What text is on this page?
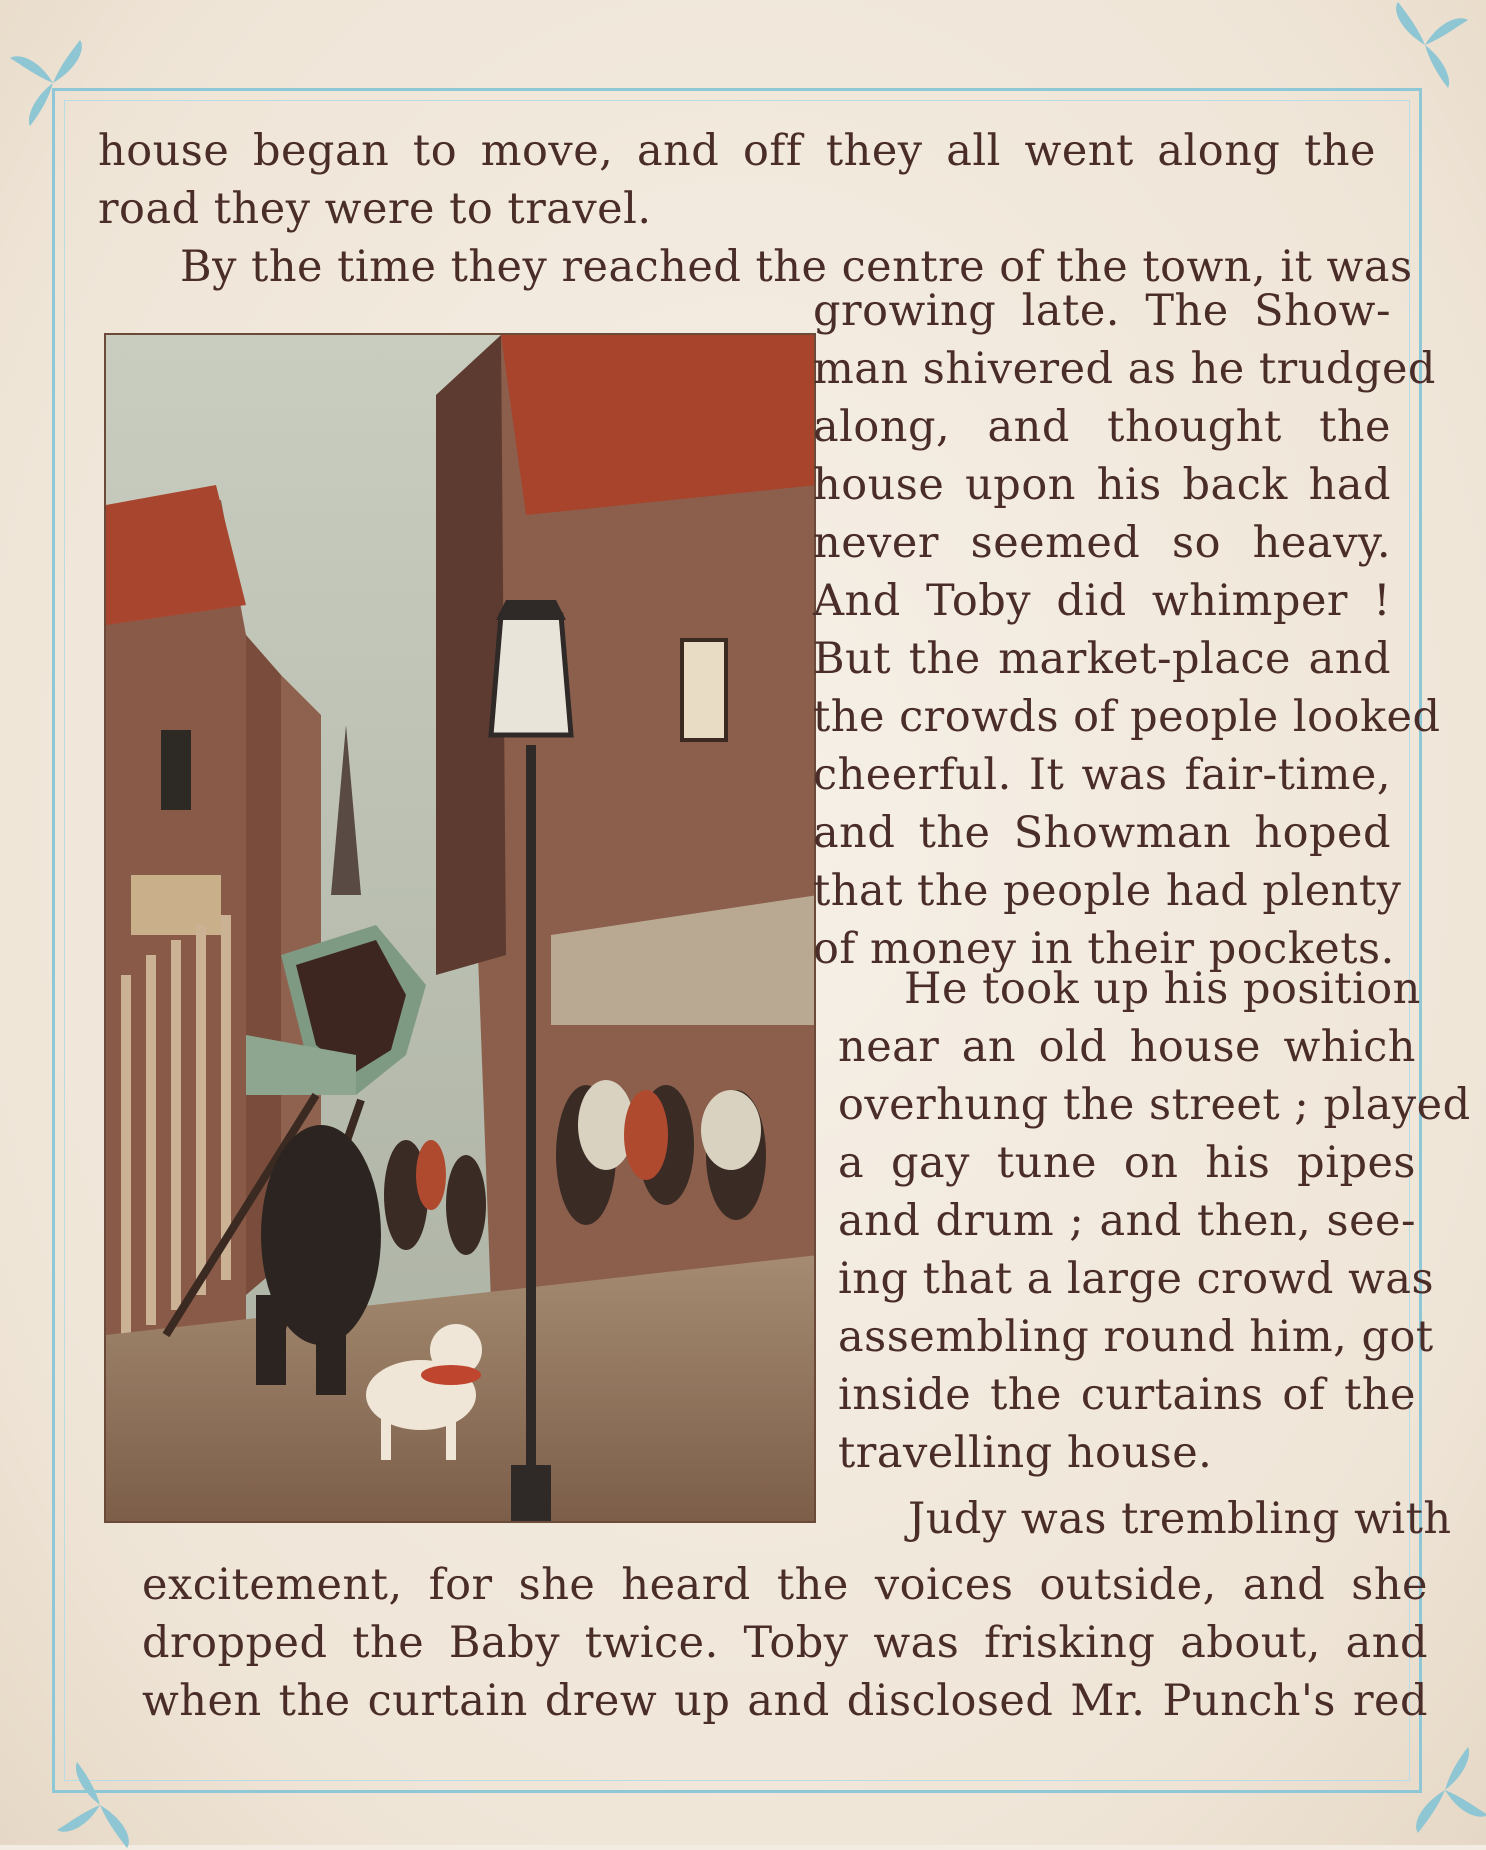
house began to move, and off they all went along the
road they were to travel.
By the time they reached the centre of the town, it was
growing late. The Show-
man shivered as he trudged
along, and thought the
house upon his back had
never seemed so heavy.
And Toby did whimper !
But the market-place and
the crowds of people looked
cheerful. It was fair-time,
and the Showman hoped
that the people had plenty
of money in their pockets.
He took up his position
near an old house which
overhung the street ; played
a gay tune on his pipes
and drum ; and then, see-
ing that a large crowd was
assembling round him, got
inside the curtains of the
travelling house.
Judy was trembling with
excitement, for she heard the voices outside, and she
dropped the Baby twice. Toby was frisking about, and
when the curtain drew up and disclosed Mr. Punch's red
